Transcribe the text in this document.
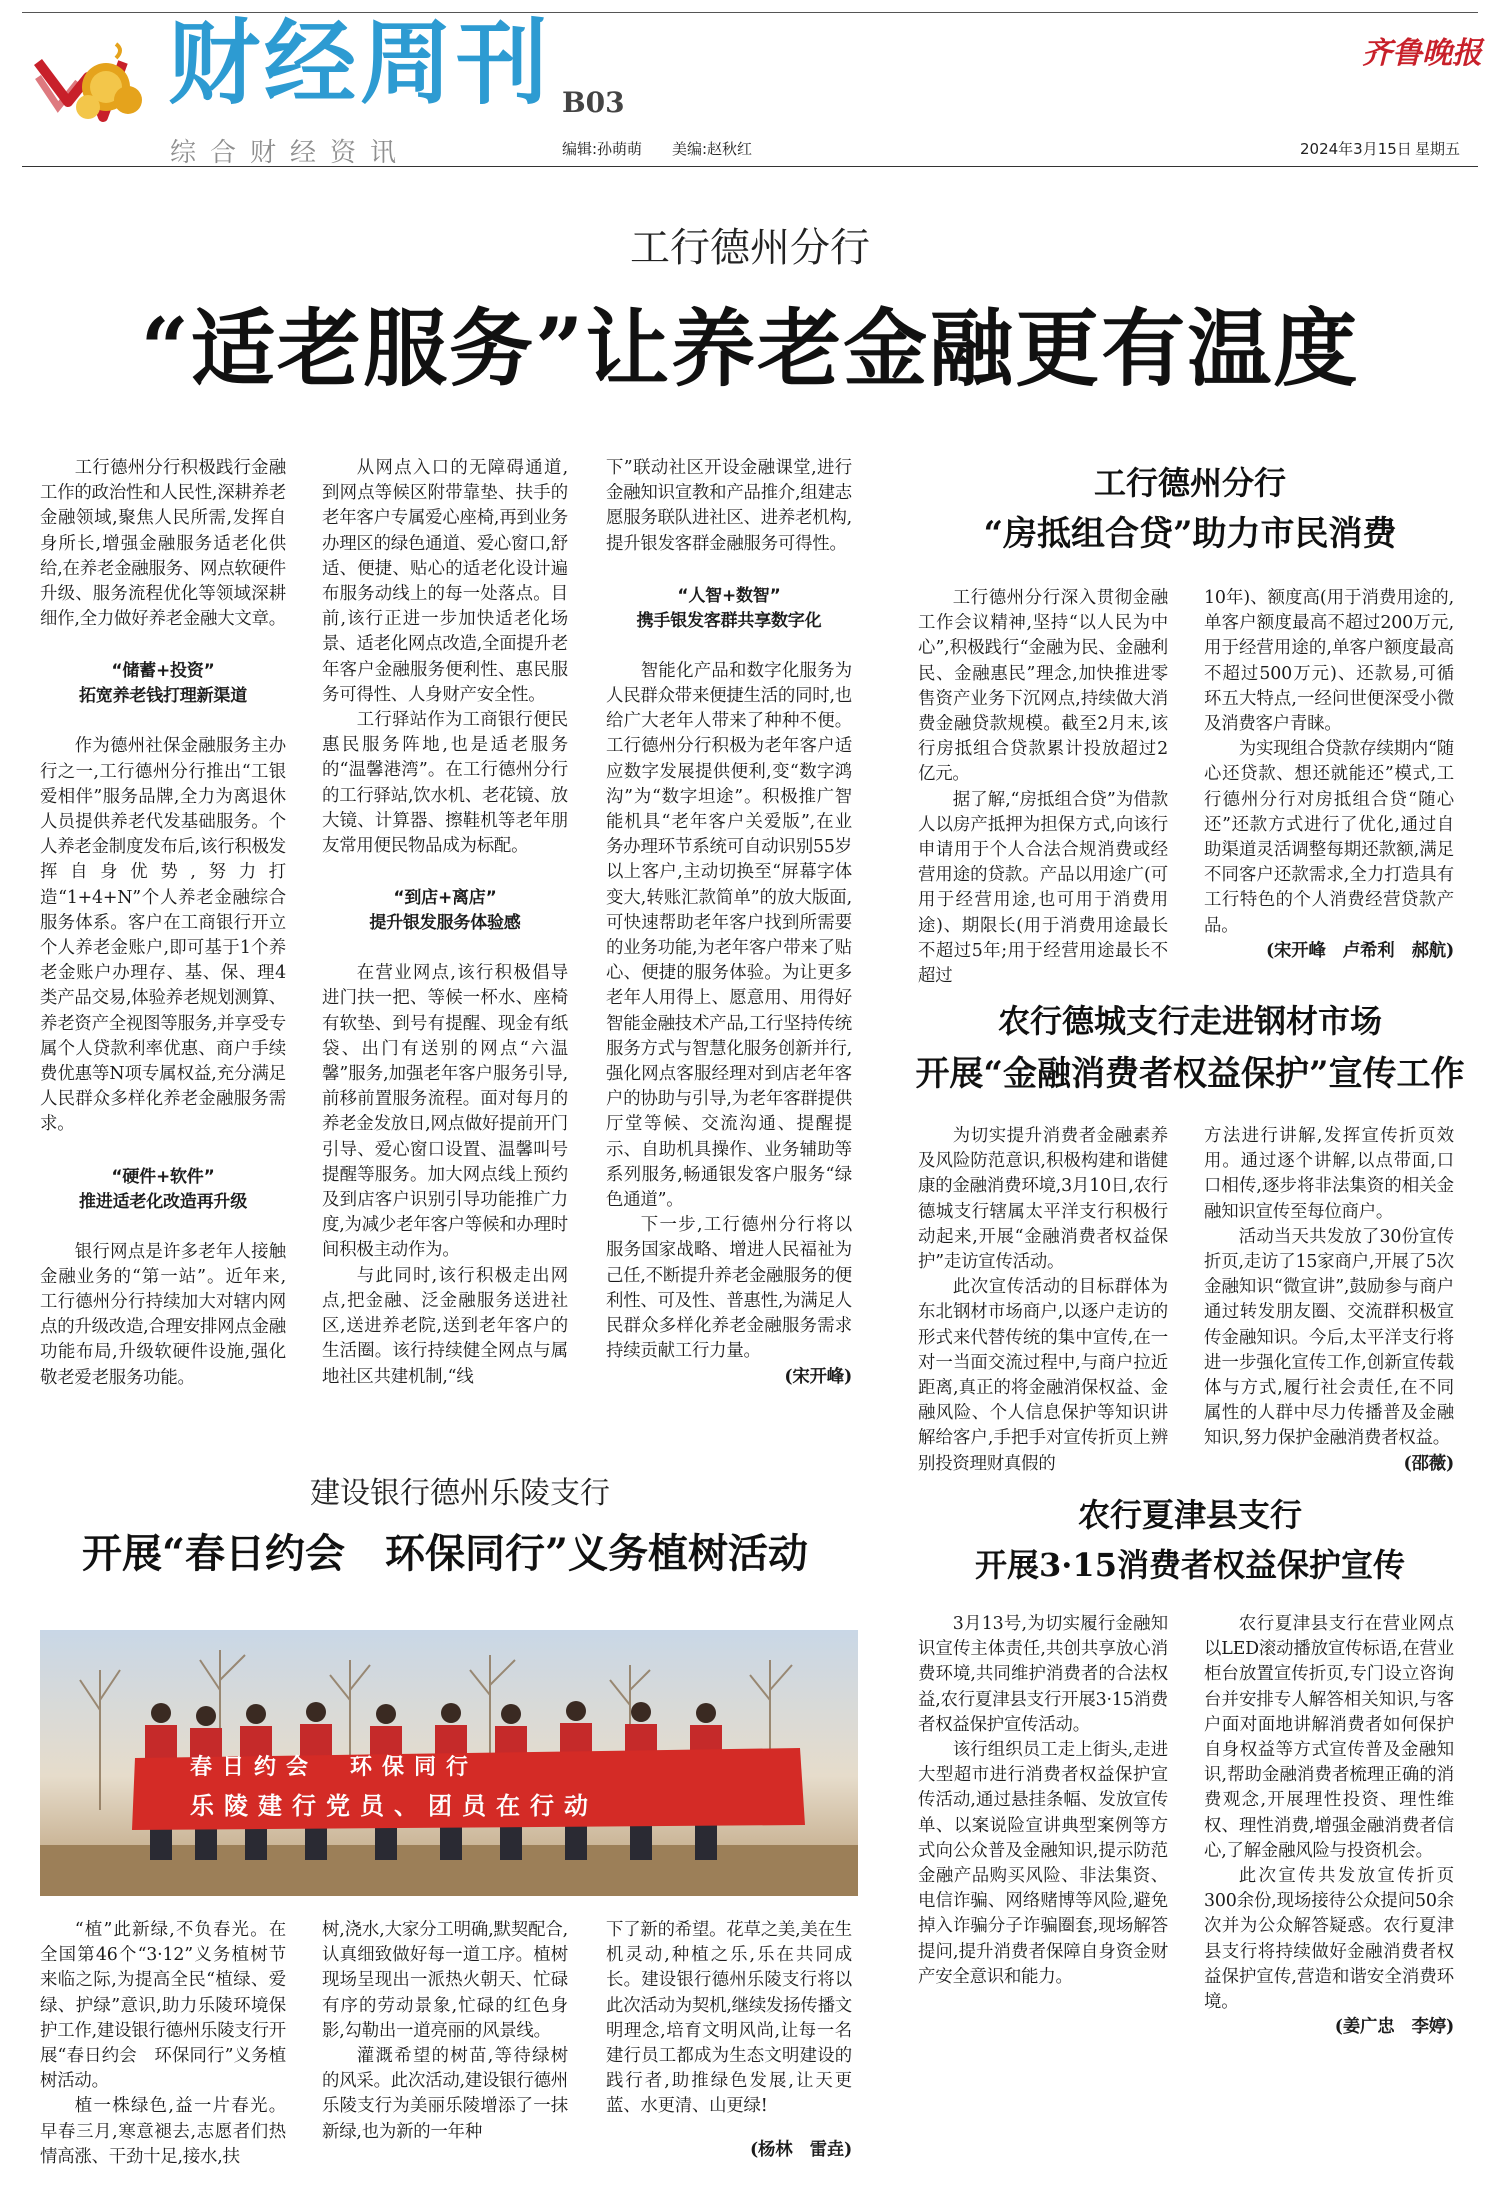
财经周刊 B03
综合财经资讯	编辑:孙萌萌 美编:赵秋红	2024年3月15日 星期五
齐鲁晚报
工行德州分行
“适老服务”让养老金融更有温度

工行德州分行积极践行金融工作的政治性和人民性,深耕养老金融领域,聚焦人民所需,发挥自身所长,增强金融服务适老化供给,在养老金融服务、网点软硬件升级、服务流程优化等领域深耕细作,全力做好养老金融大文章。

“储蓄+投资”
拓宽养老钱打理新渠道

作为德州社保金融服务主办行之一,工行德州分行推出“工银爱相伴”服务品牌,全力为离退休人员提供养老代发基础服务。个人养老金制度发布后,该行积极发挥自身优势,努力打造“1+4+N”个人养老金融综合服务体系。客户在工商银行开立个人养老金账户,即可基于1个养老金账户办理存、基、保、理4类产品交易,体验养老规划测算、养老资产全视图等服务,并享受专属个人贷款利率优惠、商户手续费优惠等N项专属权益,充分满足人民群众多样化养老金融服务需求。

“硬件+软件”
推进适老化改造再升级

银行网点是许多老年人接触金融业务的“第一站”。近年来,工行德州分行持续加大对辖内网点的升级改造,合理安排网点金融功能布局,升级软硬件设施,强化敬老爱老服务功能。

从网点入口的无障碍通道,到网点等候区附带靠垫、扶手的老年客户专属爱心座椅,再到业务办理区的绿色通道、爱心窗口,舒适、便捷、贴心的适老化设计遍布服务动线上的每一处落点。目前,该行正进一步加快适老化场景、适老化网点改造,全面提升老年客户金融服务便利性、惠民服务可得性、人身财产安全性。

工行驿站作为工商银行便民惠民服务阵地,也是适老服务的“温馨港湾”。在工行德州分行的工行驿站,饮水机、老花镜、放大镜、计算器、擦鞋机等老年朋友常用便民物品成为标配。

“到店+离店”
提升银发服务体验感

在营业网点,该行积极倡导进门扶一把、等候一杯水、座椅有软垫、到号有提醒、现金有纸袋、出门有送别的网点“六温馨”服务,加强老年客户服务引导,前移前置服务流程。面对每月的养老金发放日,网点做好提前开门引导、爱心窗口设置、温馨叫号提醒等服务。加大网点线上预约及到店客户识别引导功能推广力度,为减少老年客户等候和办理时间积极主动作为。

与此同时,该行积极走出网点,把金融、泛金融服务送进社区,送进养老院,送到老年客户的生活圈。该行持续健全网点与属地社区共建机制,“线

下”联动社区开设金融课堂,进行金融知识宣教和产品推介,组建志愿服务联队进社区、进养老机构,提升银发客群金融服务可得性。

“人智+数智”
携手银发客群共享数字化

智能化产品和数字化服务为人民群众带来便捷生活的同时,也给广大老年人带来了种种不便。工行德州分行积极为老年客户适应数字发展提供便利,变“数字鸿沟”为“数字坦途”。积极推广智能机具“老年客户关爱版”,在业务办理环节系统可自动识别55岁以上客户,主动切换至“屏幕字体变大,转账汇款简单”的放大版面,可快速帮助老年客户找到所需要的业务功能,为老年客户带来了贴心、便捷的服务体验。为让更多老年人用得上、愿意用、用得好智能金融技术产品,工行坚持传统服务方式与智慧化服务创新并行,强化网点客服经理对到店老年客户的协助与引导,为老年客群提供厅堂等候、交流沟通、提醒提示、自助机具操作、业务辅助等系列服务,畅通银发客户服务“绿色通道”。

下一步,工行德州分行将以服务国家战略、增进人民福祉为己任,不断提升养老金融服务的便利性、可及性、普惠性,为满足人民群众多样化养老金融服务需求持续贡献工行力量。

(宋开峰)
工行德州分行
“房抵组合贷”助力市民消费

工行德州分行深入贯彻金融工作会议精神,坚持“以人民为中心”,积极践行“金融为民、金融利民、金融惠民”理念,加快推进零售资产业务下沉网点,持续做大消费金融贷款规模。截至2月末,该行房抵组合贷款累计投放超过2亿元。

据了解,“房抵组合贷”为借款人以房产抵押为担保方式,向该行申请用于个人合法合规消费或经营用途的贷款。产品以用途广(可用于经营用途,也可用于消费用途)、期限长(用于消费用途最长不超过5年;用于经营用途最长不超过

10年)、额度高(用于消费用途的,单客户额度最高不超过200万元,用于经营用途的,单客户额度最高不超过500万元)、还款易,可循环五大特点,一经问世便深受小微及消费客户青睐。

为实现组合贷款存续期内“随心还贷款、想还就能还”模式,工行德州分行对房抵组合贷“随心还”还款方式进行了优化,通过自助渠道灵活调整每期还款额,满足不同客户还款需求,全力打造具有工行特色的个人消费经营贷款产品。

(宋开峰　卢希利　郝航)
农行德城支行走进钢材市场
开展“金融消费者权益保护”宣传工作

为切实提升消费者金融素养及风险防范意识,积极构建和谐健康的金融消费环境,3月10日,农行德城支行辖属太平洋支行积极行动起来,开展“金融消费者权益保护”走访宣传活动。

此次宣传活动的目标群体为东北钢材市场商户,以逐户走访的形式来代替传统的集中宣传,在一对一当面交流过程中,与商户拉近距离,真正的将金融消保权益、金融风险、个人信息保护等知识讲解给客户,手把手对宣传折页上辨别投资理财真假的

方法进行讲解,发挥宣传折页效用。通过逐个讲解,以点带面,口口相传,逐步将非法集资的相关金融知识宣传至每位商户。

活动当天共发放了30份宣传折页,走访了15家商户,开展了5次金融知识“微宣讲”,鼓励参与商户通过转发朋友圈、交流群积极宣传金融知识。今后,太平洋支行将进一步强化宣传工作,创新宣传载体与方式,履行社会责任,在不同属性的人群中尽力传播普及金融知识,努力保护金融消费者权益。

(邵薇)
建设银行德州乐陵支行
开展“春日约会　环保同行”义务植树活动
春日约会　环保同行
乐陵建行党员、团员在行动

“植”此新绿,不负春光。在全国第46个“3·12”义务植树节来临之际,为提高全民“植绿、爱绿、护绿”意识,助力乐陵环境保护工作,建设银行德州乐陵支行开展“春日约会　环保同行”义务植树活动。

植一株绿色,益一片春光。早春三月,寒意褪去,志愿者们热情高涨、干劲十足,接水,扶

树,浇水,大家分工明确,默契配合,认真细致做好每一道工序。植树现场呈现出一派热火朝天、忙碌有序的劳动景象,忙碌的红色身影,勾勒出一道亮丽的风景线。

灌溉希望的树苗,等待绿树的风采。此次活动,建设银行德州乐陵支行为美丽乐陵增添了一抹新绿,也为新的一年种

下了新的希望。花草之美,美在生机灵动,种植之乐,乐在共同成长。建设银行德州乐陵支行将以此次活动为契机,继续发扬传播文明理念,培育文明风尚,让每一名建行员工都成为生态文明建设的践行者,助推绿色发展,让天更蓝、水更清、山更绿!

(杨林　雷垚)
农行夏津县支行
开展3·15消费者权益保护宣传

3月13号,为切实履行金融知识宣传主体责任,共创共享放心消费环境,共同维护消费者的合法权益,农行夏津县支行开展3·15消费者权益保护宣传活动。

该行组织员工走上街头,走进大型超市进行消费者权益保护宣传活动,通过悬挂条幅、发放宣传单、以案说险宣讲典型案例等方式向公众普及金融知识,提示防范金融产品购买风险、非法集资、电信诈骗、网络赌博等风险,避免掉入诈骗分子诈骗圈套,现场解答提问,提升消费者保障自身资金财产安全意识和能力。

农行夏津县支行在营业网点以LED滚动播放宣传标语,在营业柜台放置宣传折页,专门设立咨询台并安排专人解答相关知识,与客户面对面地讲解消费者如何保护自身权益等方式宣传普及金融知识,帮助金融消费者梳理正确的消费观念,开展理性投资、理性维权、理性消费,增强金融消费者信心,了解金融风险与投资机会。

此次宣传共发放宣传折页300余份,现场接待公众提问50余次并为公众解答疑惑。农行夏津县支行将持续做好金融消费者权益保护宣传,营造和谐安全消费环境。

(姜广忠　李婷)
